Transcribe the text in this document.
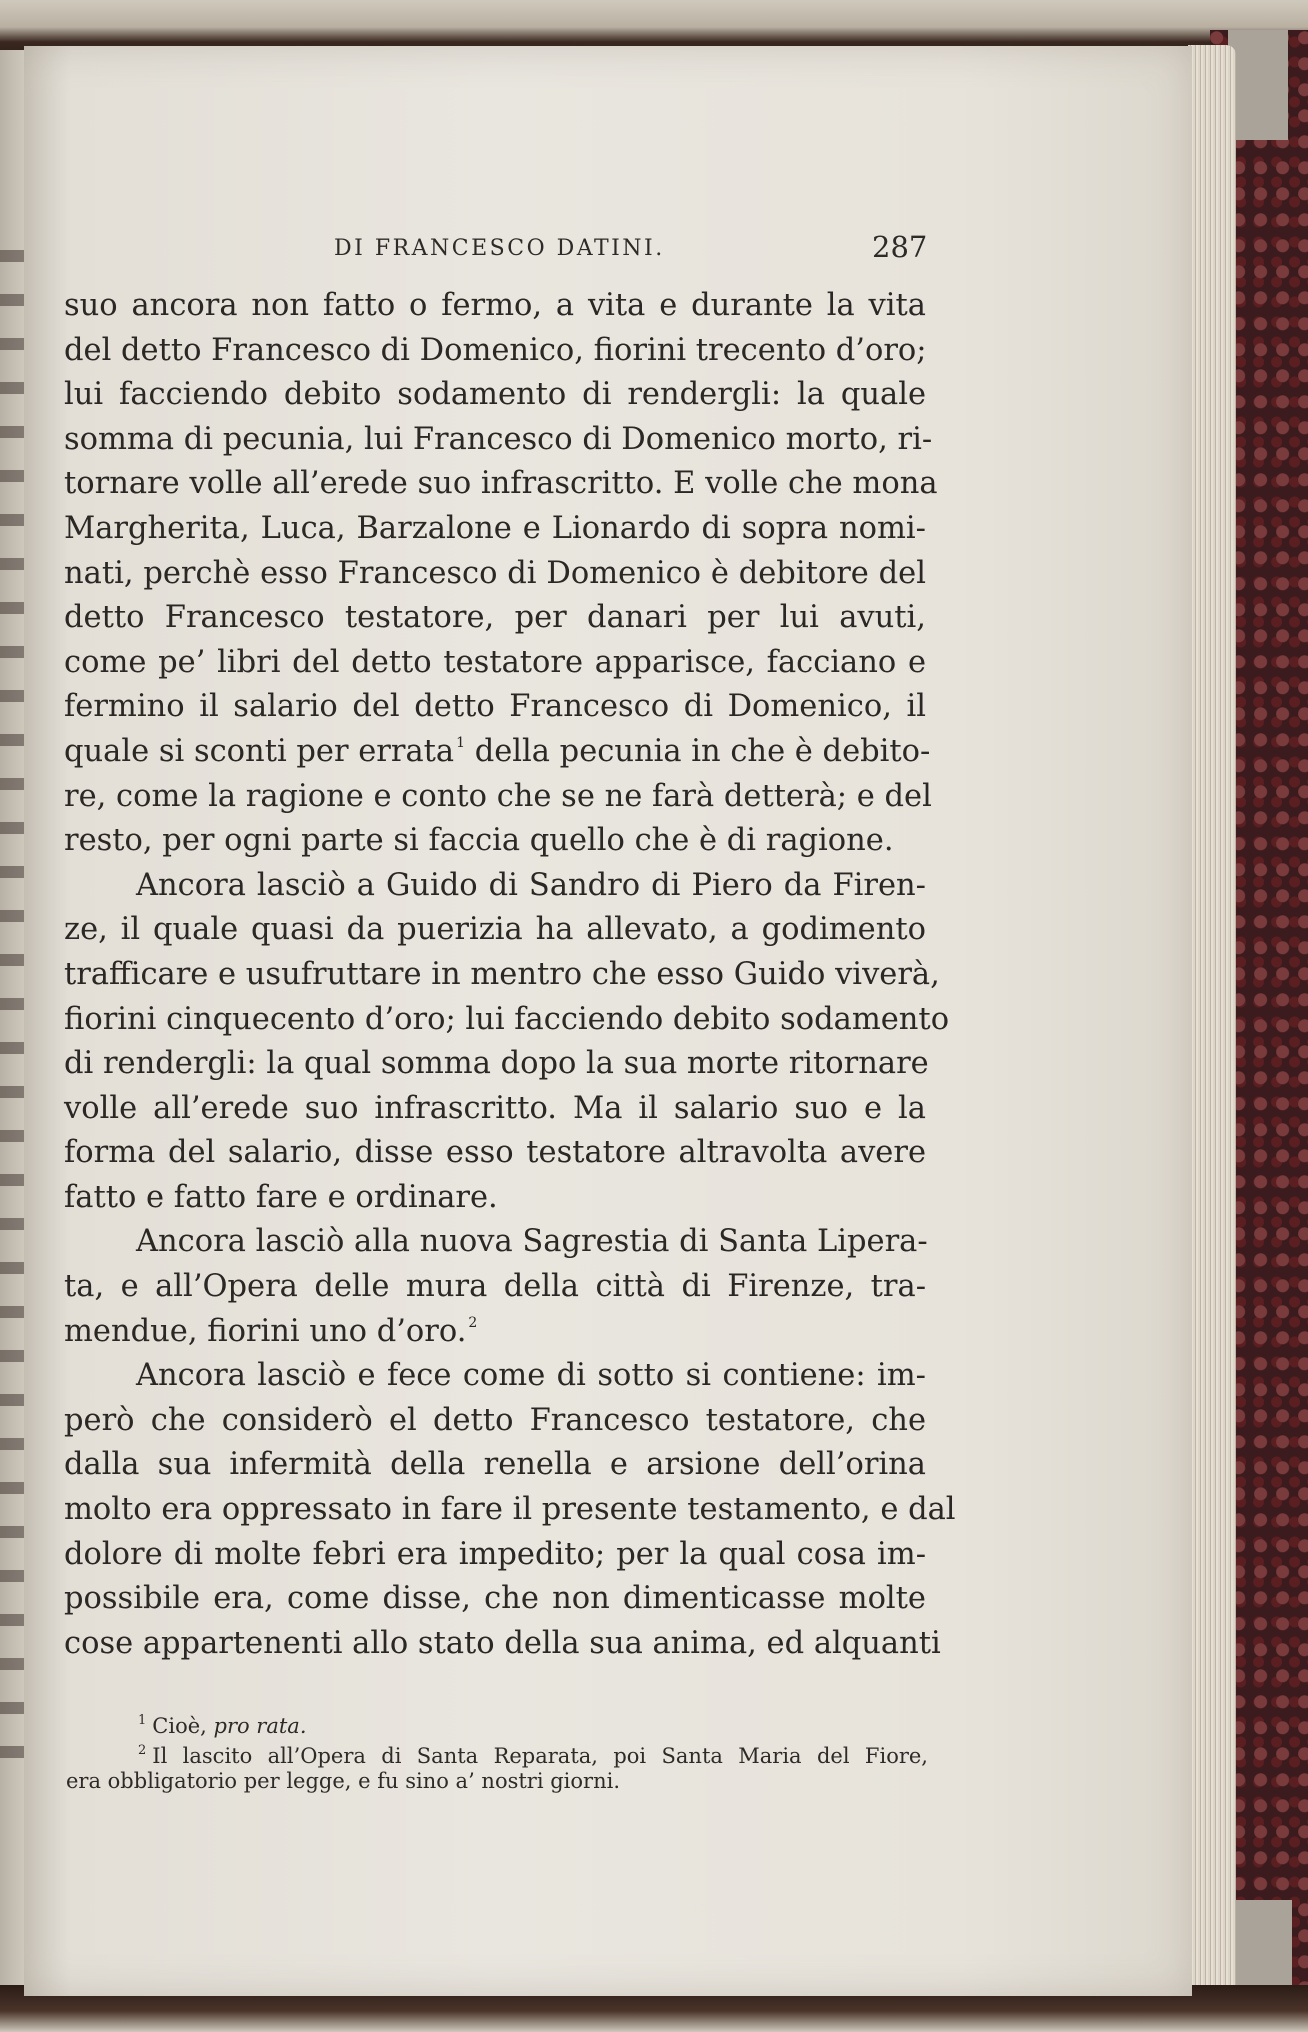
DI FRANCESCO DATINI.	287
suo ancora non fatto o fermo, a vita e durante la vita
del detto Francesco di Domenico, fiorini trecento d’oro;
lui facciendo debito sodamento di rendergli: la quale
somma di pecunia, lui Francesco di Domenico morto, ri-
tornare volle all’erede suo infrascritto. E volle che mona
Margherita, Luca, Barzalone e Lionardo di sopra nomi-
nati, perchè esso Francesco di Domenico è debitore del
detto Francesco testatore, per danari per lui avuti,
come pe’ libri del detto testatore apparisce, facciano e
fermino il salario del detto Francesco di Domenico, il
quale si sconti per errata $^1$ della pecunia in che è debito-
re, come la ragione e conto che se ne farà detterà; e del
resto, per ogni parte si faccia quello che è di ragione.
Ancora lasciò a Guido di Sandro di Piero da Firen-
ze, il quale quasi da puerizia ha allevato, a godimento
trafficare e usufruttare in mentro che esso Guido viverà,
fiorini cinquecento d’oro; lui facciendo debito sodamento
di rendergli: la qual somma dopo la sua morte ritornare
volle all’erede suo infrascritto. Ma il salario suo e la
forma del salario, disse esso testatore altravolta avere
fatto e fatto fare e ordinare.
Ancora lasciò alla nuova Sagrestia di Santa Lipera-
ta, e all’Opera delle mura della città di Firenze, tra-
mendue, fiorini uno d’oro. $^2$
Ancora lasciò e fece come di sotto si contiene: im-
però che considerò el detto Francesco testatore, che
dalla sua infermità della renella e arsione dell’orina
molto era oppressato in fare il presente testamento, e dal
dolore di molte febri era impedito; per la qual cosa im-
possibile era, come disse, che non dimenticasse molte
cose appartenenti allo stato della sua anima, ed alquanti
$^1$ Cioè, pro rata.
$^2$ Il lascito all’Opera di Santa Reparata, poi Santa Maria del Fiore,
era obbligatorio per legge, e fu sino a’ nostri giorni.
